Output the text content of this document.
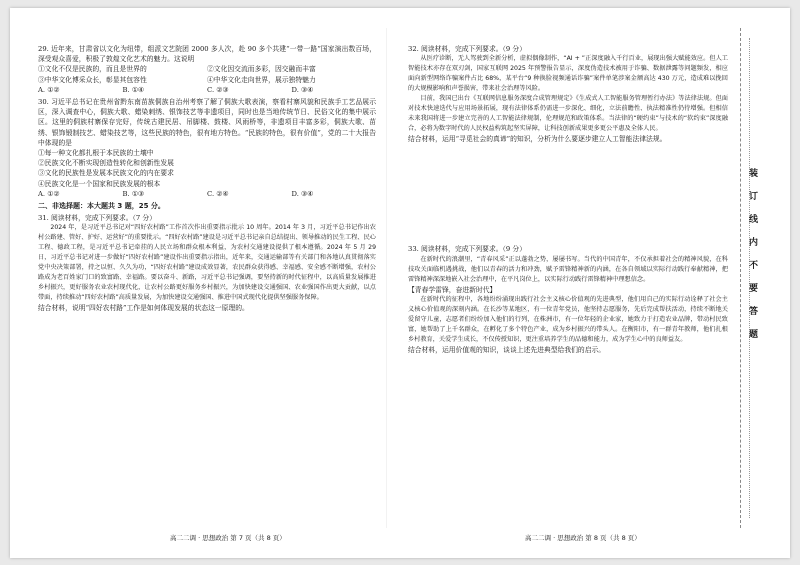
29. 近年来，甘肃省以文化为纽带，组派文艺院团 2000 多人次，赴 90 多个共建“一带一路”国家演出数百场，深受观众喜爱，积极了敦煌文化艺术的魅力。这说明

①文化不仅是民族的，而且是世界的	②文化因交流而多彩，因交融而丰富
③中华文化博采众长，彰显其包容性	④中华文化走向世界，展示独特魅力
A. ①②	B. ①④	C. ②③	D. ③④

30. 习近平总书记在贵州省黔东南苗族侗族自治州考察了解了侗族大歌表演，察看村寨风貌和民族手工艺品展示区，深入调查中心，侗族大歌、蜡染刺绣、银饰技艺等非遗项目，同时也是当地传统节日、民俗文化的集中展示区。这里的侗族村寨保存完好，传统古建民居、吊脚楼、鼓楼、风雨桥等，非遗项目丰富多彩，侗族大歌、苗绣、银饰锻制技艺、蜡染技艺等，这些民族的特色，很有地方特色。“民族的特色，很有价值”，党的二十大报告中体现的是

①每一种文化都扎根于本民族的土壤中
②民族文化不断实现创造性转化和创新性发展
③文化的民族性是发展本民族文化的内在要求
④民族文化是一个国家和民族发展的根本
A. ①②	B. ①③	C. ②④	D. ③④
二、非选择题：本大题共 3 题，25 分。

31. 阅读材料，完成下列要求。（7 分）

2024 年，是习近平总书记对“四好农村路”工作首次作出重要指示批示 10 周年。2014 年 3 月，习近平总书记作出农村公路建、管好、护好、运营好”的重要批示。“四好农村路”建设是习近平总书记亲自总结提出、领导推动的民生工程、民心工程、德政工程，是习近平总书记牵挂的人民立场和群众根本利益，为农村交通建设提供了根本遵循。2024 年 5 月 29 日，习近平总书记对进一步做好“四好农村路”建设作出重要指示指出，近年来，交通运输部等有关部门和各地认真贯彻落实党中央决策部署，持之以恒、久久为功，“四好农村路”建设成效显著，农民群众获得感、幸福感、安全感不断增强，农村公路成为老百姓家门口的致富路、幸福路。要以奋斗、新路，习近平总书记强调，要坚持新的时代征程中，以高质量发展推进乡村振兴，更好服务农业农村现代化，让农村公路更好服务乡村振兴，为加快建设交通强国、农业强国作出更大贡献，以点带面，持续推动“四好农村路”高质量发展，为加快建设交通强国、推进中国式现代化提供坚强服务保障。

结合材料，说明“四好农村路”工作是如何体现发展的状态这一原理的。

32. 阅读材料，完成下列要求。（9 分）

从医疗诊断，无人驾驶到全新分析，虚拟偶像制作，“AI + ”正深度融入千行百业，展现出强大赋能效应。但人工智能技术亦存在双刃剑，国家互联网 2025 年预警报告显示，深度伪造技术被用于诈骗、数据泄露等问题频发，相应面向新型网络诈骗案件占比 68%，某平台“9 种换脸视频通话诈骗”案件单笔涉案金额高达 430 万元，造成难以挽回的大规模影响和声誉损害，带来社会治理等风险。

目前，我国已出台《互联网信息服务深度合成管理规定》《生成式人工智能服务管理暂行办法》等法律法规。但面对技术快速迭代与应用场景拓展，现有法律体系仍需进一步深化、细化，立法前瞻性、执法精准性仍待增强。但相信未来我国将进一步建立完善的人工智能法律规制，伦理规范和政策体系。当法律的“硬约束”与技术的“软约束”深度融合，必将为数字时代的人民权益构筑起坚实屏障，让科技创新成果更多更公平惠及全体人民。

结合材料，运用“寻觅社会的真谛”的知识，分析为什么要逐步建立人工智能法律法规。

33. 阅读材料，完成下列要求。（9 分）

在新时代的浪潮里，“青春风采”正以蓬勃之势，屡屡书写。当代的中国青年，不仅承担着社会的精神风貌，在科技攻关面临机遇挑战，他们以青春的活力和冲劲，赋予雷锋精神新的内涵，在各自领域以实际行动践行奉献精神，把雷锋精神深深地嵌入社会治理中，在平凡岗位上，以实际行动践行雷锋精神中理想信念。

【青春学雷锋，奋进新时代】

在新时代的征程中，各地纷纷涌现出践行社会主义核心价值观的先进典型，他们用自己的实际行动诠释了社会主义核心价值观的深刻内涵。在长沙等某地区，有一位青年党员，他坚持志愿服务，先后完成帮扶活动，持续不断地关爱留守儿童，志愿者们纷纷加入他们的行列，在株洲市，有一位年轻的企业家，她致力于打造农业品牌，带动村民致富，她帮助了上千名群众，在孵化了多个特色产业，成为乡村振兴的带头人。在衡阳市，有一群青年教师，他们扎根乡村教育，关爱学生成长，不仅传授知识，更注重培养学生的品德和能力，成为学生心中的良师益友。

结合材料，运用价值观的知识，谈谈上述先进典型给我们的启示。

高二二调 · 思想政治 第 7 页（共 8 页）	高二二调 · 思想政治 第 8 页（共 8 页）
装订线内不要答题
